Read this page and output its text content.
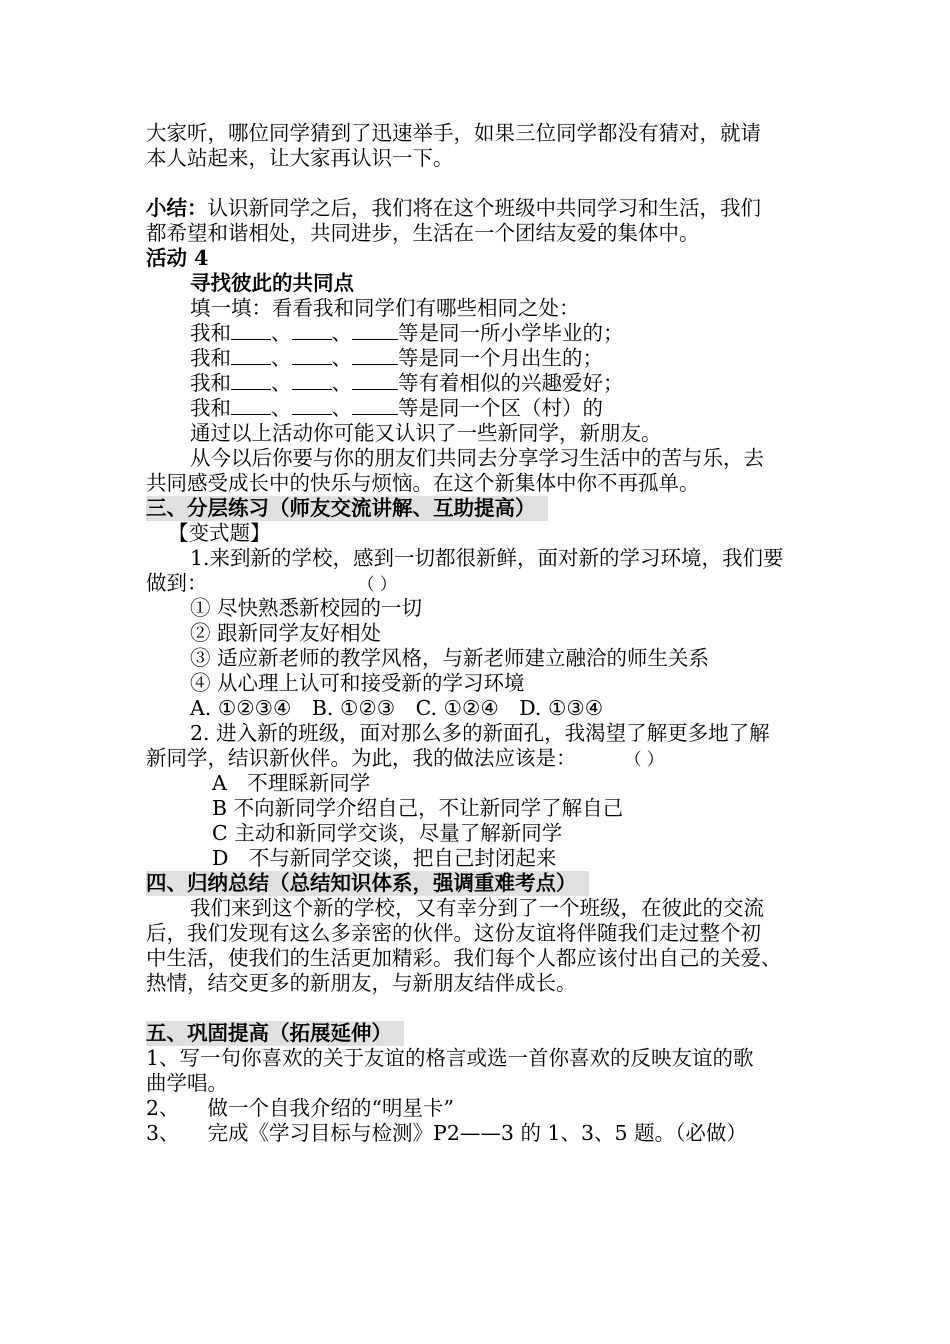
大家听，哪位同学猜到了迅速举手，如果三位同学都没有猜对，就请
本人站起来，让大家再认识一下。
小结：认识新同学之后，我们将在这个班级中共同学习和生活，我们
都希望和谐相处，共同进步，生活在一个团结友爱的集体中。
活动 4
寻找彼此的共同点
填一填：看看我和同学们有哪些相同之处：
我和 、 、 等是同一所小学毕业的；
我和 、 、 等是同一个月出生的；
我和 、 、 等有着相似的兴趣爱好；
我和 、 、 等是同一个区（村）的
通过以上活动你可能又认识了一些新同学，新朋友。
从今以后你要与你的朋友们共同去分享学习生活中的苦与乐，去
共同感受成长中的快乐与烦恼。在这个新集体中你不再孤单。
三、分层练习（师友交流讲解、互助提高）
【变式题】
1.来到新的学校，感到一切都很新鲜，面对新的学习环境，我们要
做到：	（ ）
① 尽快熟悉新校园的一切
② 跟新同学友好相处
③ 适应新老师的教学风格，与新老师建立融洽的师生关系
④ 从心理上认可和接受新的学习环境
A. ①②③④　B. ①②③　C. ①②④　D. ①③④
2. 进入新的班级，面对那么多的新面孔，我渴望了解更多地了解
新同学，结识新伙伴。为此，我的做法应该是：	（ ）
A　不理睬新同学
B 不向新同学介绍自己，不让新同学了解自己
C 主动和新同学交谈，尽量了解新同学
D　不与新同学交谈，把自己封闭起来
四、归纳总结（总结知识体系，强调重难考点）
我们来到这个新的学校，又有幸分到了一个班级，在彼此的交流
后，我们发现有这么多亲密的伙伴。这份友谊将伴随我们走过整个初
中生活，使我们的生活更加精彩。我们每个人都应该付出自己的关爱、
热情，结交更多的新朋友，与新朋友结伴成长。
五、巩固提高（拓展延伸）
1、写一句你喜欢的关于友谊的格言或选一首你喜欢的反映友谊的歌
曲学唱。
2、 做一个自我介绍的“明星卡”
3、 完成《学习目标与检测》P2——3 的 1、3、5 题。（必做）
